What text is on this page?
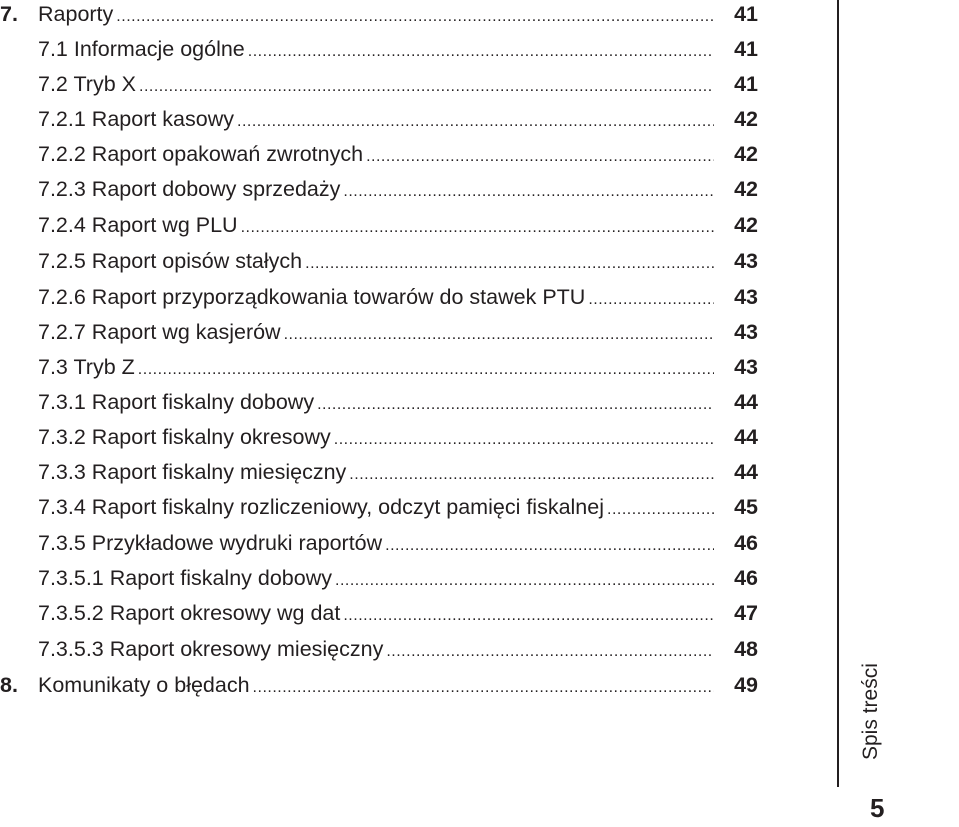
7. Raporty .....	41

7.1 Informacje ogólne .....	41

7.2 Tryb X .....	41

7.2.1 Raport kasowy .....	42

7.2.2 Raport opakowań zwrotnych .....	42

7.2.3 Raport dobowy sprzedaży .....	42

7.2.4 Raport wg PLU .....	42

7.2.5 Raport opisów stałych .....	43

7.2.6 Raport przyporządkowania towarów do stawek PTU .....	43

7.2.7 Raport wg kasjerów .....	43

7.3 Tryb Z .....	43

7.3.1 Raport fiskalny dobowy .....	44

7.3.2 Raport fiskalny okresowy .....	44

7.3.3 Raport fiskalny miesięczny .....	44

7.3.4 Raport fiskalny rozliczeniowy, odczyt pamięci fiskalnej .....	45

7.3.5 Przykładowe wydruki raportów .....	46

7.3.5.1 Raport fiskalny dobowy .....	46

7.3.5.2 Raport okresowy wg dat .....	47

7.3.5.3 Raport okresowy miesięczny .....	48
8. Komunikaty o błędach .....	49	Spis treści
5
